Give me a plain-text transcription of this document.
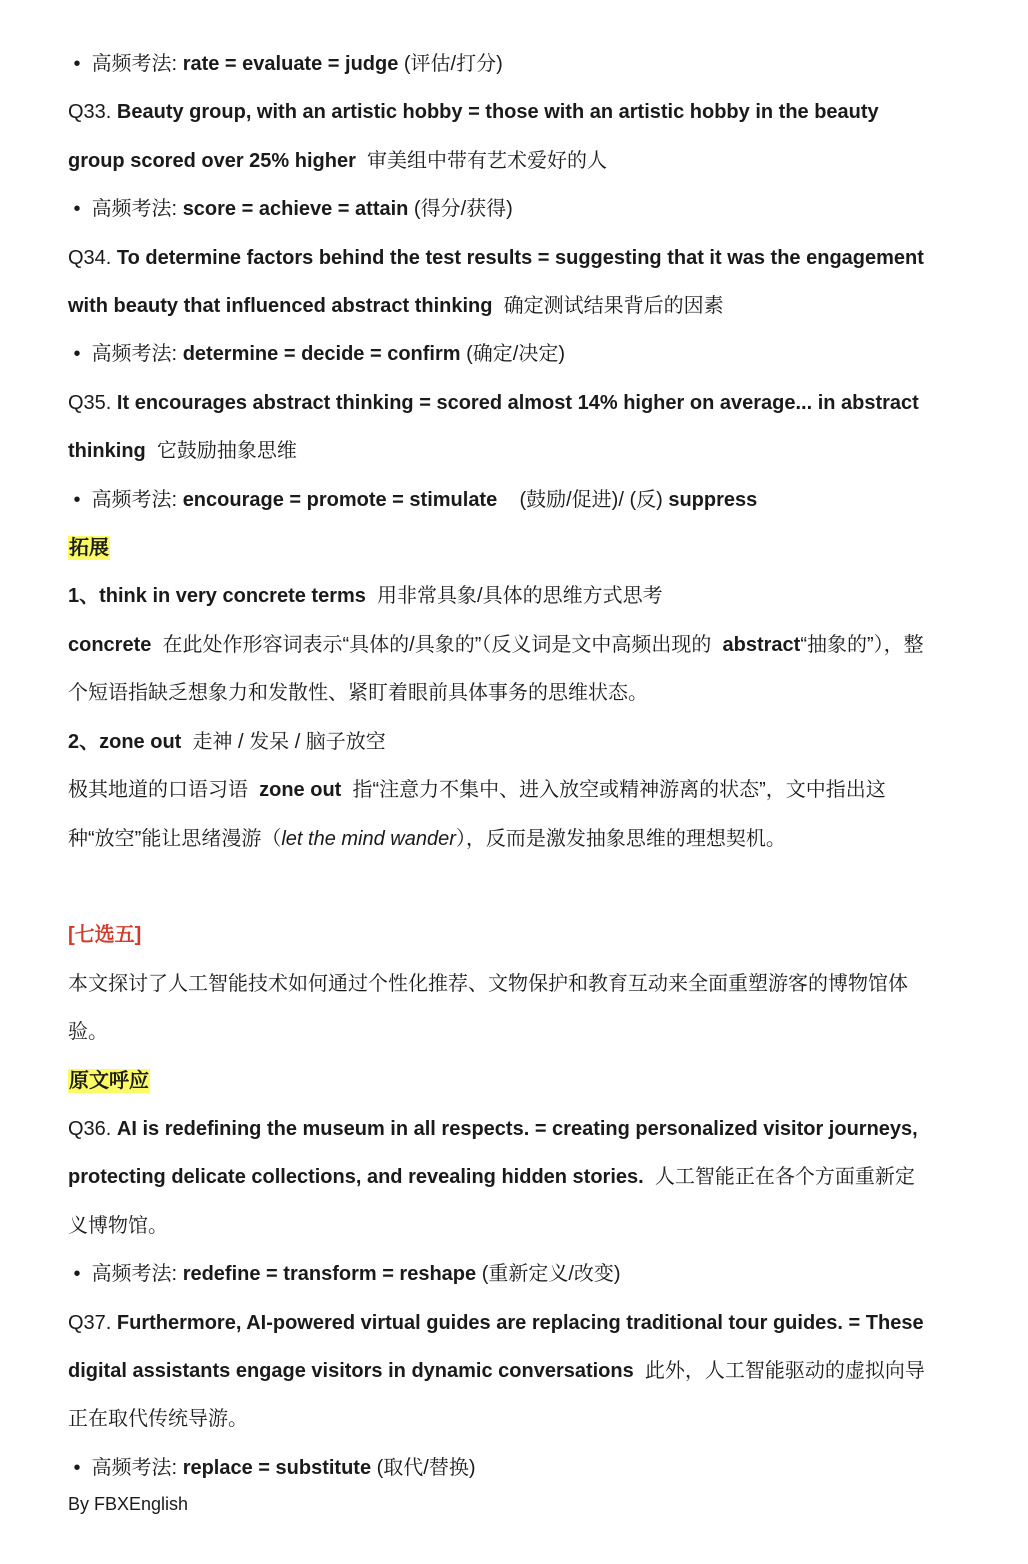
• 高频考法: rate = evaluate = judge (评估/打分)

Q33. Beauty group, with an artistic hobby = those with an artistic hobby in the beauty group scored over 25% higher 审美组中带有艺术爱好的人

• 高频考法: score = achieve = attain (得分/获得)

Q34. To determine factors behind the test results = suggesting that it was the engagement with beauty that influenced abstract thinking 确定测试结果背后的因素

• 高频考法: determine = decide = confirm (确定/决定)

Q35. It encourages abstract thinking = scored almost 14% higher on average... in abstract thinking 它鼓励抽象思维

• 高频考法: encourage = promote = stimulate (鼓励/促进)/ (反) suppress

拓展

1、think in very concrete terms 用非常具象/具体的思维方式思考

concrete 在此处作形容词表示“具体的/具象的”（反义词是文中高频出现的 abstract“抽象的”），整个短语指缺乏想象力和发散性、紧盯着眼前具体事务的思维状态。

2、zone out 走神 / 发呆 / 脑子放空

极其地道的口语习语 zone out 指“注意力不集中、进入放空或精神游离的状态”，文中指出这种“放空”能让思绪漫游（let the mind wander），反而是激发抽象思维的理想契机。

[七选五]

本文探讨了人工智能技术如何通过个性化推荐、文物保护和教育互动来全面重塑游客的博物馆体验。

原文呼应

Q36. AI is redefining the museum in all respects. = creating personalized visitor journeys, protecting delicate collections, and revealing hidden stories. 人工智能正在各个方面重新定义博物馆。

• 高频考法: redefine = transform = reshape (重新定义/改变)

Q37. Furthermore, AI-powered virtual guides are replacing traditional tour guides. = These digital assistants engage visitors in dynamic conversations 此外，人工智能驱动的虚拟向导正在取代传统导游。

• 高频考法: replace = substitute (取代/替换)

By FBXEnglish
